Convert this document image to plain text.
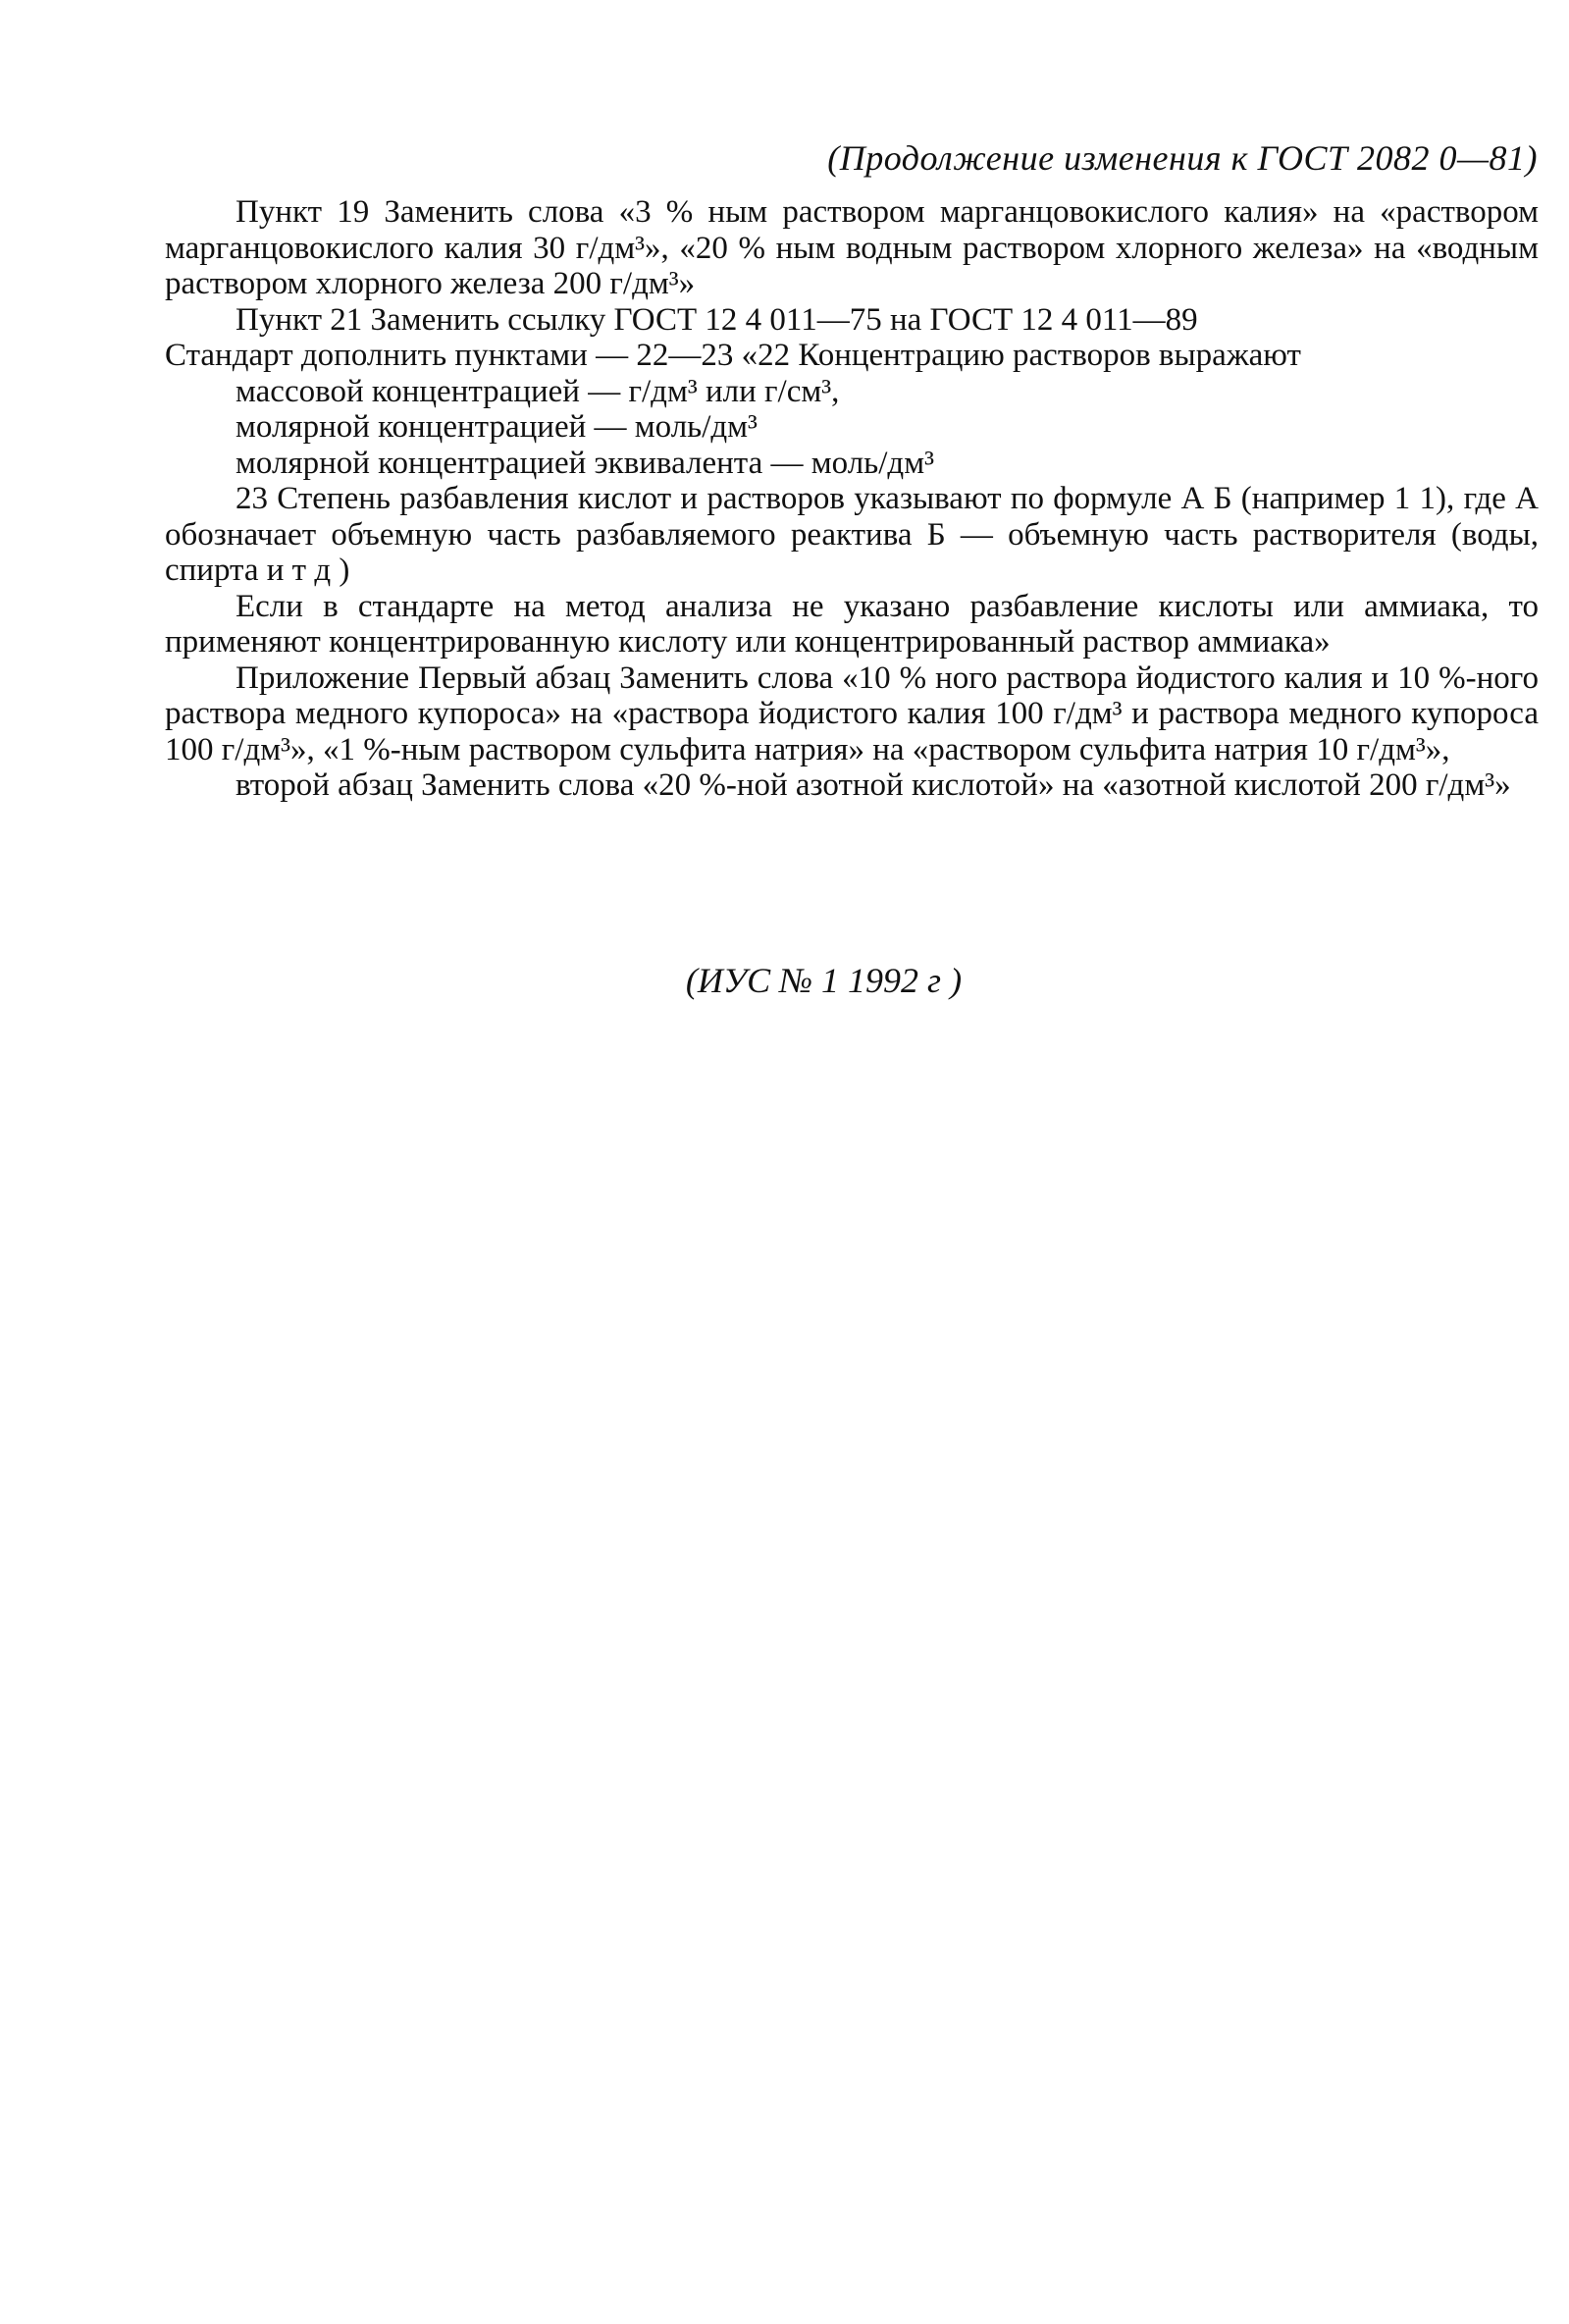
(Продолжение изменения к ГОСТ 2082 0—81)

Пункт 19 Заменить слова «3 % ным раствором марганцовокислого калия» на «раствором марганцовокислого калия 30 г/дм³», «20 % ным водным раствором хлорного железа» на «водным раствором хлорного железа 200 г/дм³»

Пункт 21 Заменить ссылку ГОСТ 12 4 011—75 на ГОСТ 12 4 011—89

Стандарт дополнить пунктами — 22—23 «22 Концентрацию растворов выражают

массовой концентрацией — г/дм³ или г/см³,

молярной концентрацией — моль/дм³

молярной концентрацией эквивалента — моль/дм³

23 Степень разбавления кислот и растворов указывают по формуле А Б (например 1 1), где А обозначает объемную часть разбавляемого реактива Б — объемную часть растворителя (воды, спирта и т д )

Если в стандарте на метод анализа не указано разбавление кислоты или аммиака, то применяют концентрированную кислоту или концентрированный раствор аммиака»

Приложение Первый абзац Заменить слова «10 % ного раствора йодистого калия и 10 %-ного раствора медного купороса» на «раствора йодистого калия 100 г/дм³ и раствора медного купороса 100 г/дм³», «1 %-ным раствором сульфита натрия» на «раствором сульфита натрия 10 г/дм³»,

второй абзац Заменить слова «20 %-ной азотной кислотой» на «азотной кислотой 200 г/дм³»

(ИУС № 1 1992 г )
